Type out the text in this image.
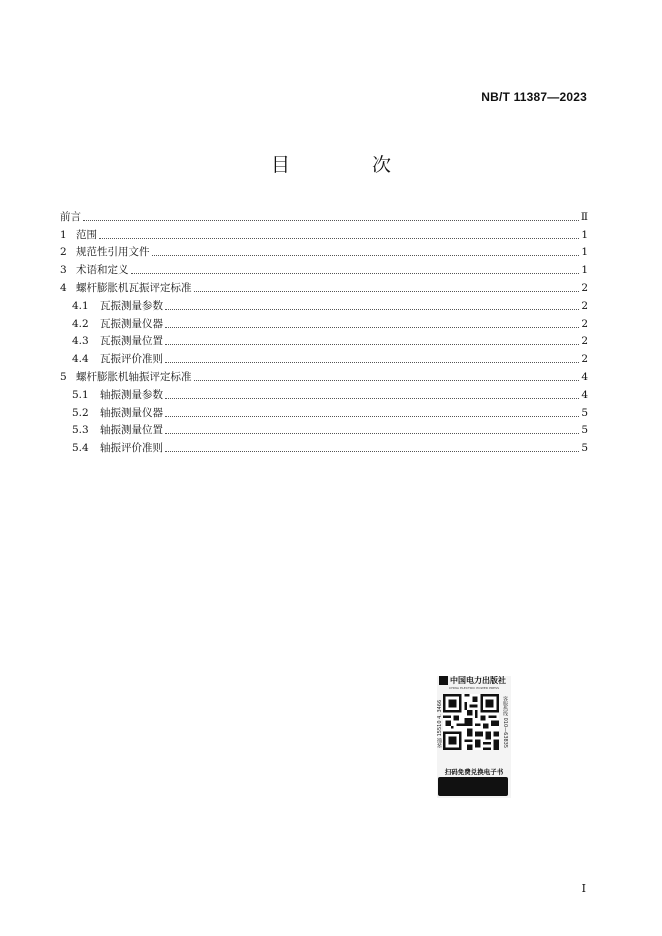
NB/T 11387—2023
目 次
前言	Ⅱ
1 范围	1
2 规范性引用文件	1
3 术语和定义	1
4 螺杆膨胀机瓦振评定标准	2
4.1	瓦振测量参数	2
4.2	瓦振测量仪器	2
4.3	瓦振测量位置	2
4.4	瓦振评价准则	2
5 螺杆膨胀机轴振评定标准	4
5.1	轴振测量参数	4
5.2	轴振测量仪器	5
5.3	轴振测量位置	5
5.4	轴振评价准则	5
中国电力出版社
CHINA ELECTRIC POWER PRESS
客服 15510 4. 3466	客服热线 010—63835
扫码免费兑换电子书
I
